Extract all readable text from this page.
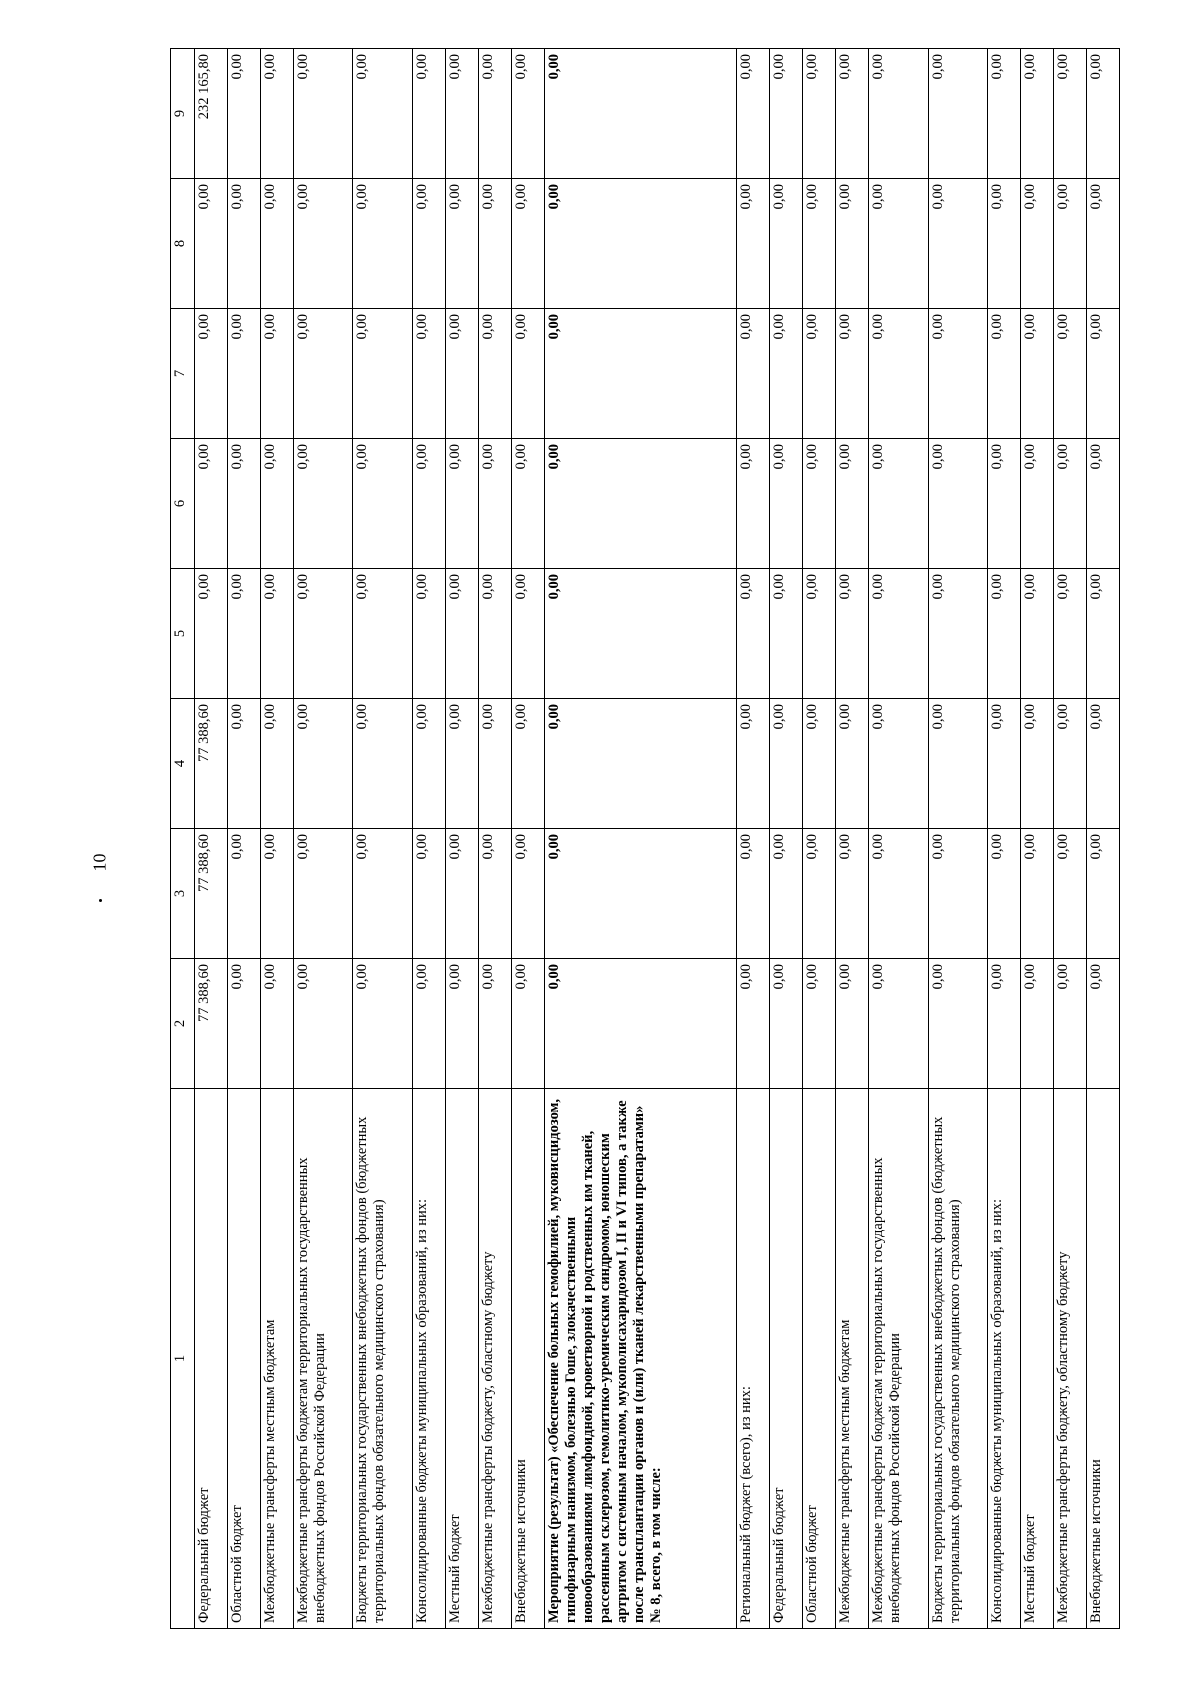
10
1	2	3	4	5	6	7	8	9
Федеральный бюджет	77 388,60	77 388,60	77 388,60	0,00	0,00	0,00	0,00	232 165,80
Областной бюджет	0,00	0,00	0,00	0,00	0,00	0,00	0,00	0,00
Межбюджетные трансферты местным бюджетам	0,00	0,00	0,00	0,00	0,00	0,00	0,00	0,00
Межбюджетные трансферты бюджетам территориальных государственных внебюджетных фондов Российской Федерации	0,00	0,00	0,00	0,00	0,00	0,00	0,00	0,00
Бюджеты территориальных государственных внебюджетных фондов (бюджетных территориальных фондов обязательного медицинского страхования)	0,00	0,00	0,00	0,00	0,00	0,00	0,00	0,00
Консолидированные бюджеты муниципальных образований, из них:	0,00	0,00	0,00	0,00	0,00	0,00	0,00	0,00
Местный бюджет	0,00	0,00	0,00	0,00	0,00	0,00	0,00	0,00
Межбюджетные трансферты бюджету, областному бюджету	0,00	0,00	0,00	0,00	0,00	0,00	0,00	0,00
Внебюджетные источники	0,00	0,00	0,00	0,00	0,00	0,00	0,00	0,00
Мероприятие (результат) «Обеспечение больных гемофилией, муковисцидозом, гипофизарным нанизмом, болезнью Гоше, злокачественными новообразованиями лимфоидной, кроветворной и родственных им тканей, рассеянным склерозом, гемолитико-уремическим синдромом, юношеским артритом с системным началом, мукополисахаридозом I, II и VI типов, а также после трансплантации органов и (или) тканей лекарственными препаратами» № 8, всего, в том числе:	0,00	0,00	0,00	0,00	0,00	0,00	0,00	0,00
Региональный бюджет (всего), из них:	0,00	0,00	0,00	0,00	0,00	0,00	0,00	0,00
Федеральный бюджет	0,00	0,00	0,00	0,00	0,00	0,00	0,00	0,00
Областной бюджет	0,00	0,00	0,00	0,00	0,00	0,00	0,00	0,00
Межбюджетные трансферты местным бюджетам	0,00	0,00	0,00	0,00	0,00	0,00	0,00	0,00
Межбюджетные трансферты бюджетам территориальных государственных внебюджетных фондов Российской Федерации	0,00	0,00	0,00	0,00	0,00	0,00	0,00	0,00
Бюджеты территориальных государственных внебюджетных фондов (бюджетных территориальных фондов обязательного медицинского страхования)	0,00	0,00	0,00	0,00	0,00	0,00	0,00	0,00
Консолидированные бюджеты муниципальных образований, из них:	0,00	0,00	0,00	0,00	0,00	0,00	0,00	0,00
Местный бюджет	0,00	0,00	0,00	0,00	0,00	0,00	0,00	0,00
Межбюджетные трансферты бюджету, областному бюджету	0,00	0,00	0,00	0,00	0,00	0,00	0,00	0,00
Внебюджетные источники	0,00	0,00	0,00	0,00	0,00	0,00	0,00	0,00
